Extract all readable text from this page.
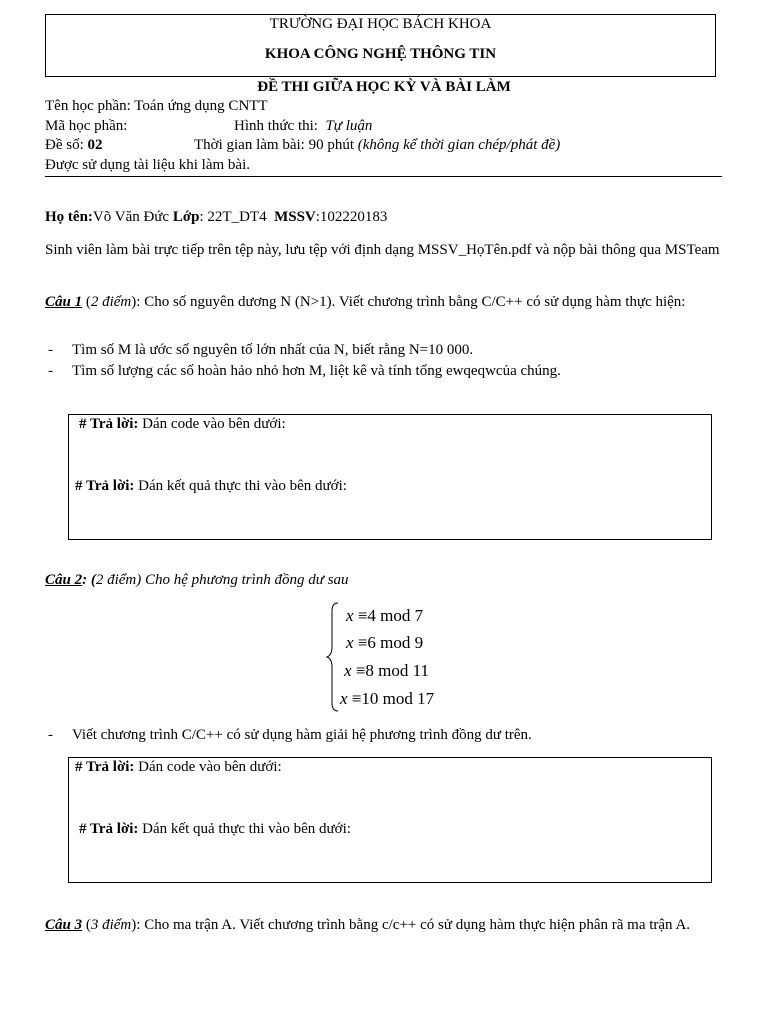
TRƯỜNG ĐẠI HỌC BÁCH KHOA
KHOA CÔNG NGHỆ THÔNG TIN
ĐỀ THI GIỮA HỌC KỲ VÀ BÀI LÀM
Tên học phần: Toán ứng dụng CNTT
Mã học phần:	Hình thức thi: Tự luận
Đề số: 02	Thời gian làm bài: 90 phút (không kể thời gian chép/phát đề)
Được sử dụng tài liệu khi làm bài.
Họ tên:Võ Văn Đức Lớp: 22T_DT4 MSSV:102220183
Sinh viên làm bài trực tiếp trên tệp này, lưu tệp với định dạng MSSV_HọTên.pdf và nộp bài thông qua MSTeam
Câu 1 (2 điểm): Cho số nguyên dương N (N>1). Viết chương trình bằng C/C++ có sử dụng hàm thực hiện:
- Tìm số M là ước số nguyên tố lớn nhất của N, biết rằng N=10 000.
- Tìm số lượng các số hoàn hảo nhỏ hơn M, liệt kê và tính tổng ewqeqwcủa chúng.
# Trả lời: Dán code vào bên dưới:
# Trả lời: Dán kết quả thực thi vào bên dưới:
Câu 2: (2 điểm) Cho hệ phương trình đồng dư sau
x ≡4 mod 7
x ≡6 mod 9
x ≡8 mod 11
x ≡10 mod 17
- Viết chương trình C/C++ có sử dụng hàm giải hệ phương trình đồng dư trên.
# Trả lời: Dán code vào bên dưới:
# Trả lời: Dán kết quả thực thi vào bên dưới:
Câu 3 (3 điểm): Cho ma trận A. Viết chương trình bằng c/c++ có sử dụng hàm thực hiện phân rã ma trận A.
